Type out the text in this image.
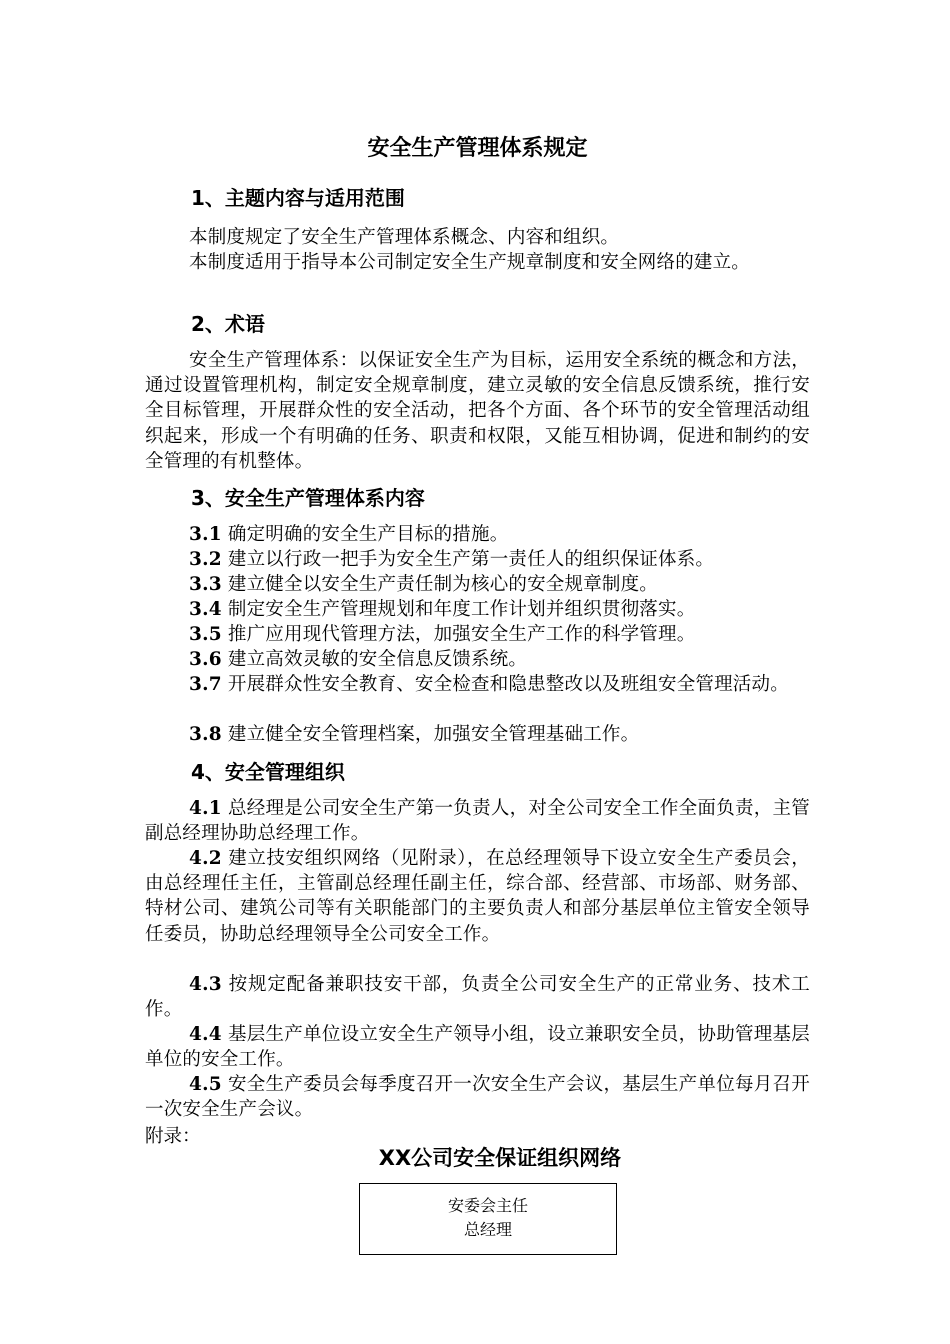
安全生产管理体系规定
1、主题内容与适用范围

本制度规定了安全生产管理体系概念、内容和组织。

本制度适用于指导本公司制定安全生产规章制度和安全网络的建立。

2、术语

安全生产管理体系：以保证安全生产为目标，运用安全系统的概念和方法，通过设置管理机构，制定安全规章制度，建立灵敏的安全信息反馈系统，推行安全目标管理，开展群众性的安全活动，把各个方面、各个环节的安全管理活动组织起来，形成一个有明确的任务、职责和权限，又能互相协调，促进和制约的安全管理的有机整体。

3、安全生产管理体系内容

3.1 确定明确的安全生产目标的措施。

3.2 建立以行政一把手为安全生产第一责任人的组织保证体系。

3.3 建立健全以安全生产责任制为核心的安全规章制度。

3.4 制定安全生产管理规划和年度工作计划并组织贯彻落实。

3.5 推广应用现代管理方法，加强安全生产工作的科学管理。

3.6 建立高效灵敏的安全信息反馈系统。

3.7 开展群众性安全教育、安全检查和隐患整改以及班组安全管理活动。

3.8 建立健全安全管理档案，加强安全管理基础工作。

4、安全管理组织

4.1 总经理是公司安全生产第一负责人，对全公司安全工作全面负责，主管副总经理协助总经理工作。

4.2 建立技安组织网络（见附录），在总经理领导下设立安全生产委员会，由总经理任主任，主管副总经理任副主任，综合部、经营部、市场部、财务部、特材公司、建筑公司等有关职能部门的主要负责人和部分基层单位主管安全领导任委员，协助总经理领导全公司安全工作。

4.3 按规定配备兼职技安干部，负责全公司安全生产的正常业务、技术工作。

4.4 基层生产单位设立安全生产领导小组，设立兼职安全员，协助管理基层单位的安全工作。

4.5 安全生产委员会每季度召开一次安全生产会议，基层生产单位每月召开一次安全生产会议。

附录：
XX公司安全保证组织网络
安委会主任
总经理
